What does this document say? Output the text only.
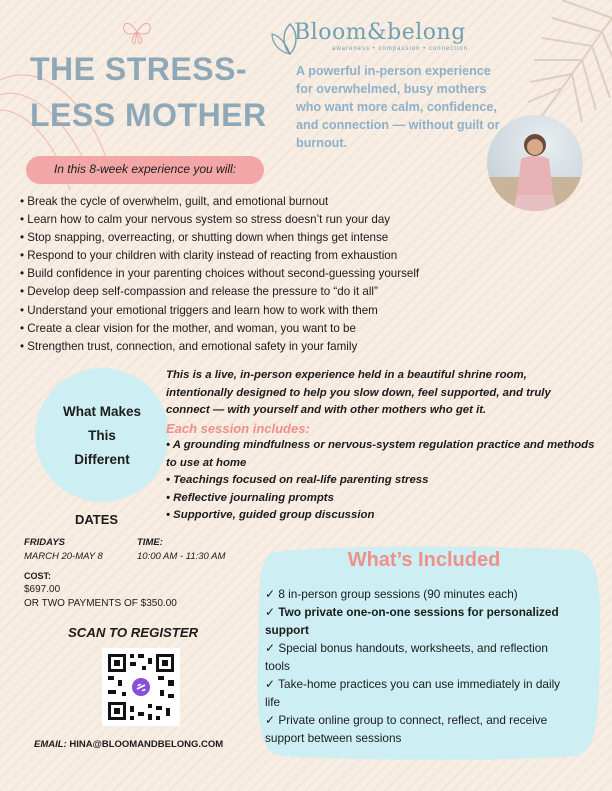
Bloom&belong
awareness • compassion • connection
THE STRESS-
LESS MOTHER
A powerful in-person experience for overwhelmed, busy mothers who want more calm, confidence, and connection — without guilt or burnout.
In this 8-week experience you will:
• Break the cycle of overwhelm, guilt, and emotional burnout
• Learn how to calm your nervous system so stress doesn’t run your day
• Stop snapping, overreacting, or shutting down when things get intense
• Respond to your children with clarity instead of reacting from exhaustion
• Build confidence in your parenting choices without second-guessing yourself
• Develop deep self-compassion and release the pressure to “do it all”
• Understand your emotional triggers and learn how to work with them
• Create a clear vision for the mother, and woman, you want to be
• Strengthen trust, connection, and emotional safety in your family
What Makes
This
Different
This is a live, in-person experience held in a beautiful shrine room, intentionally designed to help you slow down, feel supported, and truly connect — with yourself and with other mothers who get it.
Each session includes:
• A grounding mindfulness or nervous-system regulation practice and methods to use at home
• Teachings focused on real-life parenting stress
• Reflective journaling prompts
• Supportive, guided group discussion
DATES
FRIDAYS
MARCH 20-MAY 8
TIME:
10:00 AM - 11:30 AM
COST:
$697.00
OR TWO PAYMENTS OF $350.00
SCAN TO REGISTER
EMAIL: HINA@BLOOMANDBELONG.COM
What’s Included
✓ 8 in-person group sessions (90 minutes each)
✓ Two private one-on-one sessions for personalized support
✓ Special bonus handouts, worksheets, and reflection tools
✓ Take-home practices you can use immediately in daily life
✓ Private online group to connect, reflect, and receive support between sessions
